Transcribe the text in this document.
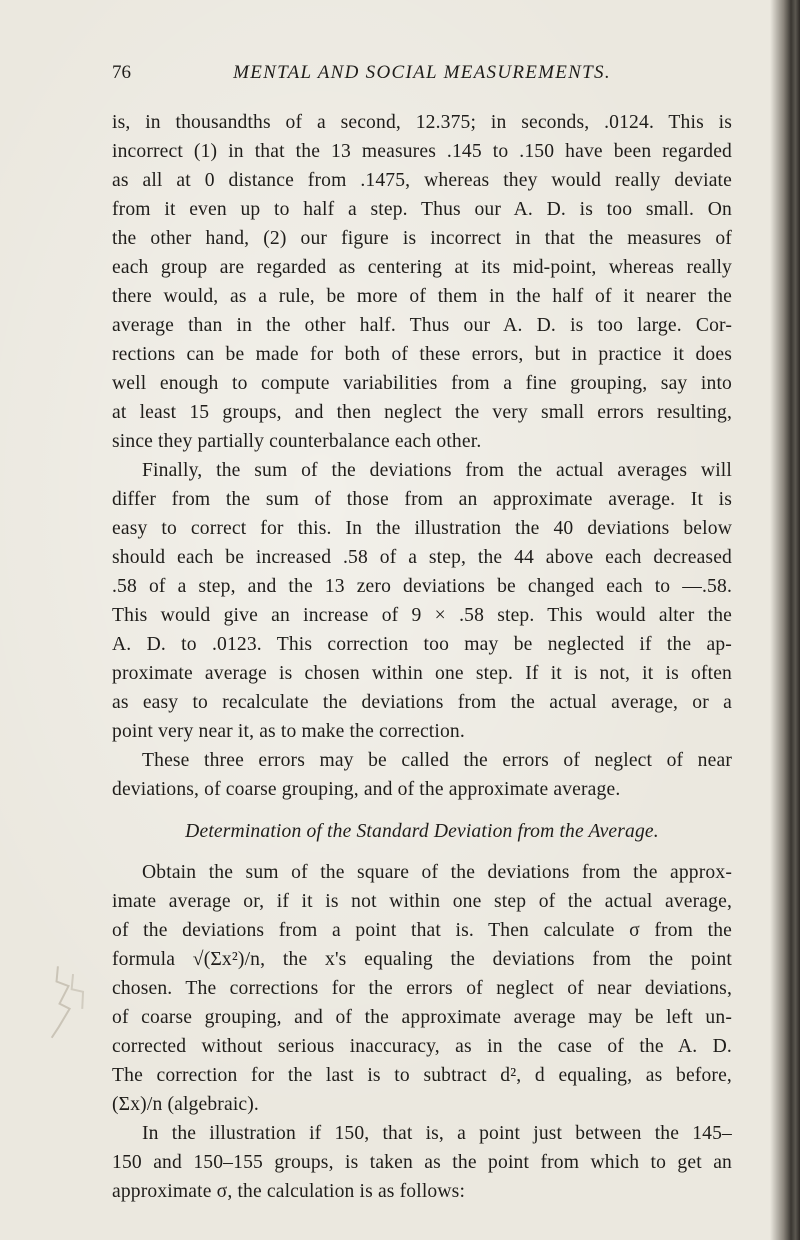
76	MENTAL AND SOCIAL MEASUREMENTS.
is, in thousandths of a second, 12.375; in seconds, .0124. This is
incorrect (1) in that the 13 measures .145 to .150 have been regarded
as all at 0 distance from .1475, whereas they would really deviate
from it even up to half a step. Thus our A. D. is too small. On
the other hand, (2) our figure is incorrect in that the measures of
each group are regarded as centering at its mid-point, whereas really
there would, as a rule, be more of them in the half of it nearer the
average than in the other half. Thus our A. D. is too large. Cor-
rections can be made for both of these errors, but in practice it does
well enough to compute variabilities from a fine grouping, say into
at least 15 groups, and then neglect the very small errors resulting,
since they partially counterbalance each other.
Finally, the sum of the deviations from the actual averages will
differ from the sum of those from an approximate average. It is
easy to correct for this. In the illustration the 40 deviations below
should each be increased .58 of a step, the 44 above each decreased
.58 of a step, and the 13 zero deviations be changed each to —.58.
This would give an increase of 9 × .58 step. This would alter the
A. D. to .0123. This correction too may be neglected if the ap-
proximate average is chosen within one step. If it is not, it is often
as easy to recalculate the deviations from the actual average, or a
point very near it, as to make the correction.
These three errors may be called the errors of neglect of near
deviations, of coarse grouping, and of the approximate average.
Determination of the Standard Deviation from the Average.
Obtain the sum of the square of the deviations from the approx-
imate average or, if it is not within one step of the actual average,
of the deviations from a point that is. Then calculate σ from the
formula √(Σx²)/n, the x's equaling the deviations from the point
chosen. The corrections for the errors of neglect of near deviations,
of coarse grouping, and of the approximate average may be left un-
corrected without serious inaccuracy, as in the case of the A. D.
The correction for the last is to subtract d², d equaling, as before,
(Σx)/n (algebraic).
In the illustration if 150, that is, a point just between the 145–
150 and 150–155 groups, is taken as the point from which to get an
approximate σ, the calculation is as follows:
